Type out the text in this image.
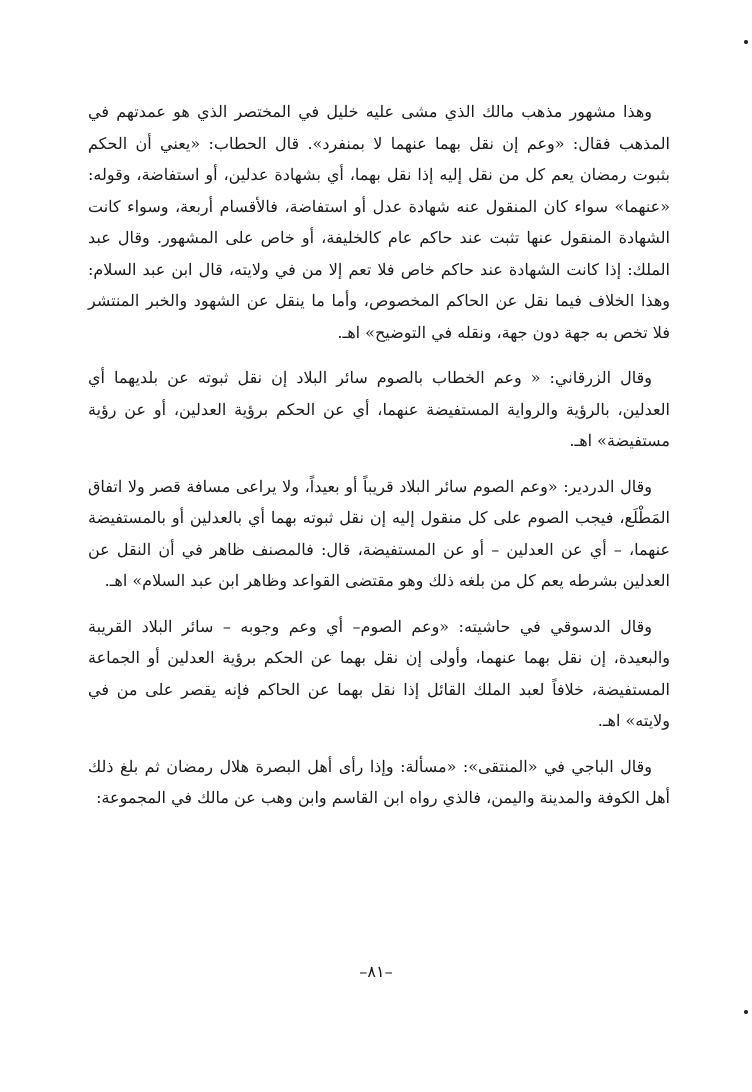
وهذا مشهور مذهب مالك الذي مشى عليه خليل في المختصر الذي هو عمدتهم في المذهب فقال: «وعم إن نقل بهما عنهما لا بمنفرد». قال الحطاب: «يعني أن الحكم بثبوت رمضان يعم كل من نقل إليه إذا نقل بهما، أي بشهادة عدلين، أو استفاضة، وقوله: «عنهما» سواء كان المنقول عنه شهادة عدل أو استفاضة، فالأقسام أربعة، وسواء كانت الشهادة المنقول عنها تثبت عند حاكم عام كالخليفة، أو خاص على المشهور. وقال عبد الملك: إذا كانت الشهادة عند حاكم خاص فلا تعم إلا من في ولايته، قال ابن عبد السلام: وهذا الخلاف فيما نقل عن الحاكم المخصوص، وأما ما ينقل عن الشهود والخبر المنتشر فلا تخص به جهة دون جهة، ونقله في التوضيح» اهـ.

وقال الزرقاني: « وعم الخطاب بالصوم سائر البلاد إن نقل ثبوته عن بلديهما أي العدلين، بالرؤية والرواية المستفيضة عنهما، أي عن الحكم برؤية العدلين، أو عن رؤية مستفيضة» اهـ.

وقال الدردير: «وعم الصوم سائر البلاد قريباً أو بعيداً، ولا يراعى مسافة قصر ولا اتفاق المَطْلَع، فيجب الصوم على كل منقول إليه إن نقل ثبوته بهما أي بالعدلين أو بالمستفيضة عنهما، – أي عن العدلين – أو عن المستفيضة، قال: فالمصنف ظاهر في أن النقل عن العدلين بشرطه يعم كل من بلغه ذلك وهو مقتضى القواعد وظاهر ابن عبد السلام» اهـ.

وقال الدسوقي في حاشيته: «وعم الصوم– أي وعم وجوبه – سائر البلاد القريبة والبعيدة، إن نقل بهما عنهما، وأولى إن نقل بهما عن الحكم برؤية العدلين أو الجماعة المستفيضة، خلافاً لعبد الملك القائل إذا نقل بهما عن الحاكم فإنه يقصر على من في ولايته» اهـ.

وقال الباجي في «المنتقى»: «مسألة: وإذا رأى أهل البصرة هلال رمضان ثم بلغ ذلك أهل الكوفة والمدينة واليمن، فالذي رواه ابن القاسم وابن وهب عن مالك في المجموعة:

–٨١–
